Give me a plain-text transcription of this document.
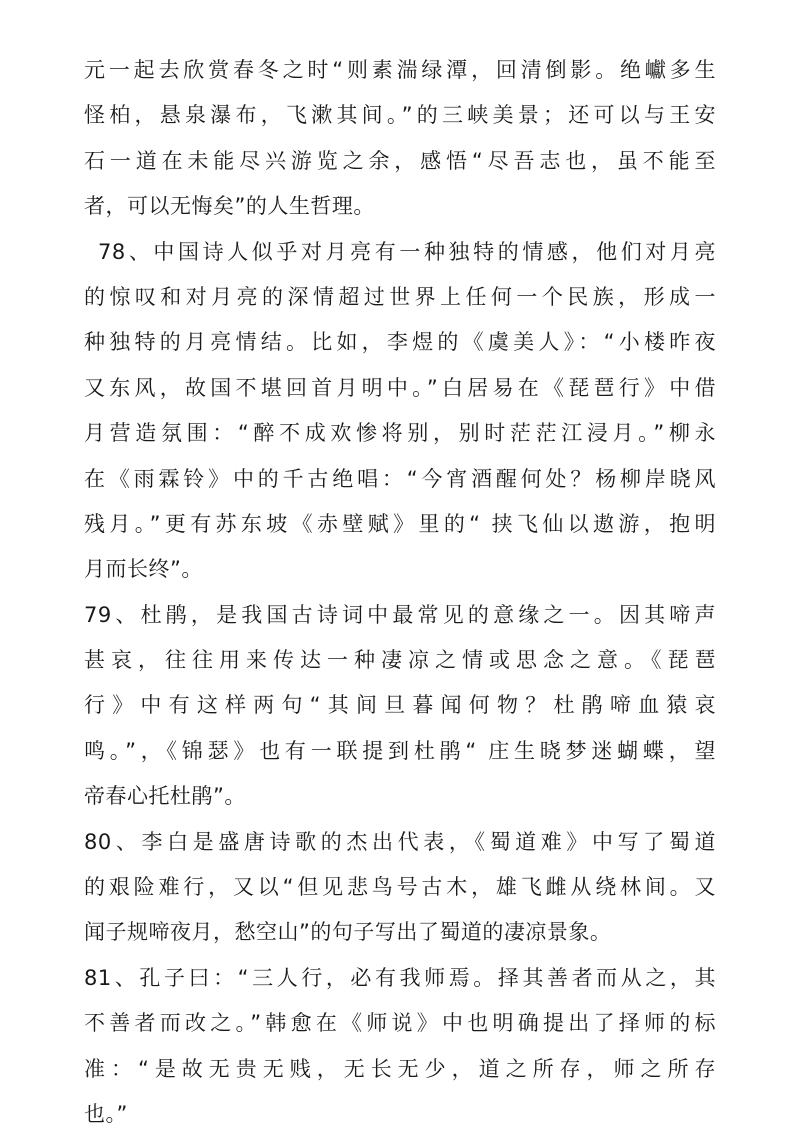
元一起去欣赏春冬之时“则素湍绿潭，回清倒影。绝巘多生
怪柏，悬泉瀑布，飞漱其间。”的三峡美景；还可以与王安
石一道在未能尽兴游览之余，感悟“尽吾志也，虽不能至
者，可以无悔矣”的人生哲理。
78、中国诗人似乎对月亮有一种独特的情感，他们对月亮
的惊叹和对月亮的深情超过世界上任何一个民族，形成一
种独特的月亮情结。比如，李煜的《虞美人》：“小楼昨夜
又东风，故国不堪回首月明中。”白居易在《琵琶行》中借
月营造氛围：“醉不成欢惨将别，别时茫茫江浸月。”柳永
在《雨霖铃》中的千古绝唱：“今宵酒醒何处？杨柳岸晓风
残月。”更有苏东坡《赤壁赋》里的“ 挟飞仙以遨游，抱明
月而长终”。
79、杜鹃，是我国古诗词中最常见的意缘之一。因其啼声
甚哀，往往用来传达一种凄凉之情或思念之意。《琵琶
行》中有这样两句“其间旦暮闻何物？杜鹃啼血猿哀
鸣。”，《锦瑟》也有一联提到杜鹃“ 庄生晓梦迷蝴蝶，望
帝春心托杜鹃”。
80、李白是盛唐诗歌的杰出代表，《蜀道难》中写了蜀道
的艰险难行，又以“但见悲鸟号古木，雄飞雌从绕林间。又
闻子规啼夜月，愁空山”的句子写出了蜀道的凄凉景象。
81、孔子曰：“三人行，必有我师焉。择其善者而从之，其
不善者而改之。”韩愈在《师说》中也明确提出了择师的标
准：“是故无贵无贱，无长无少，道之所存，师之所存
也。”
